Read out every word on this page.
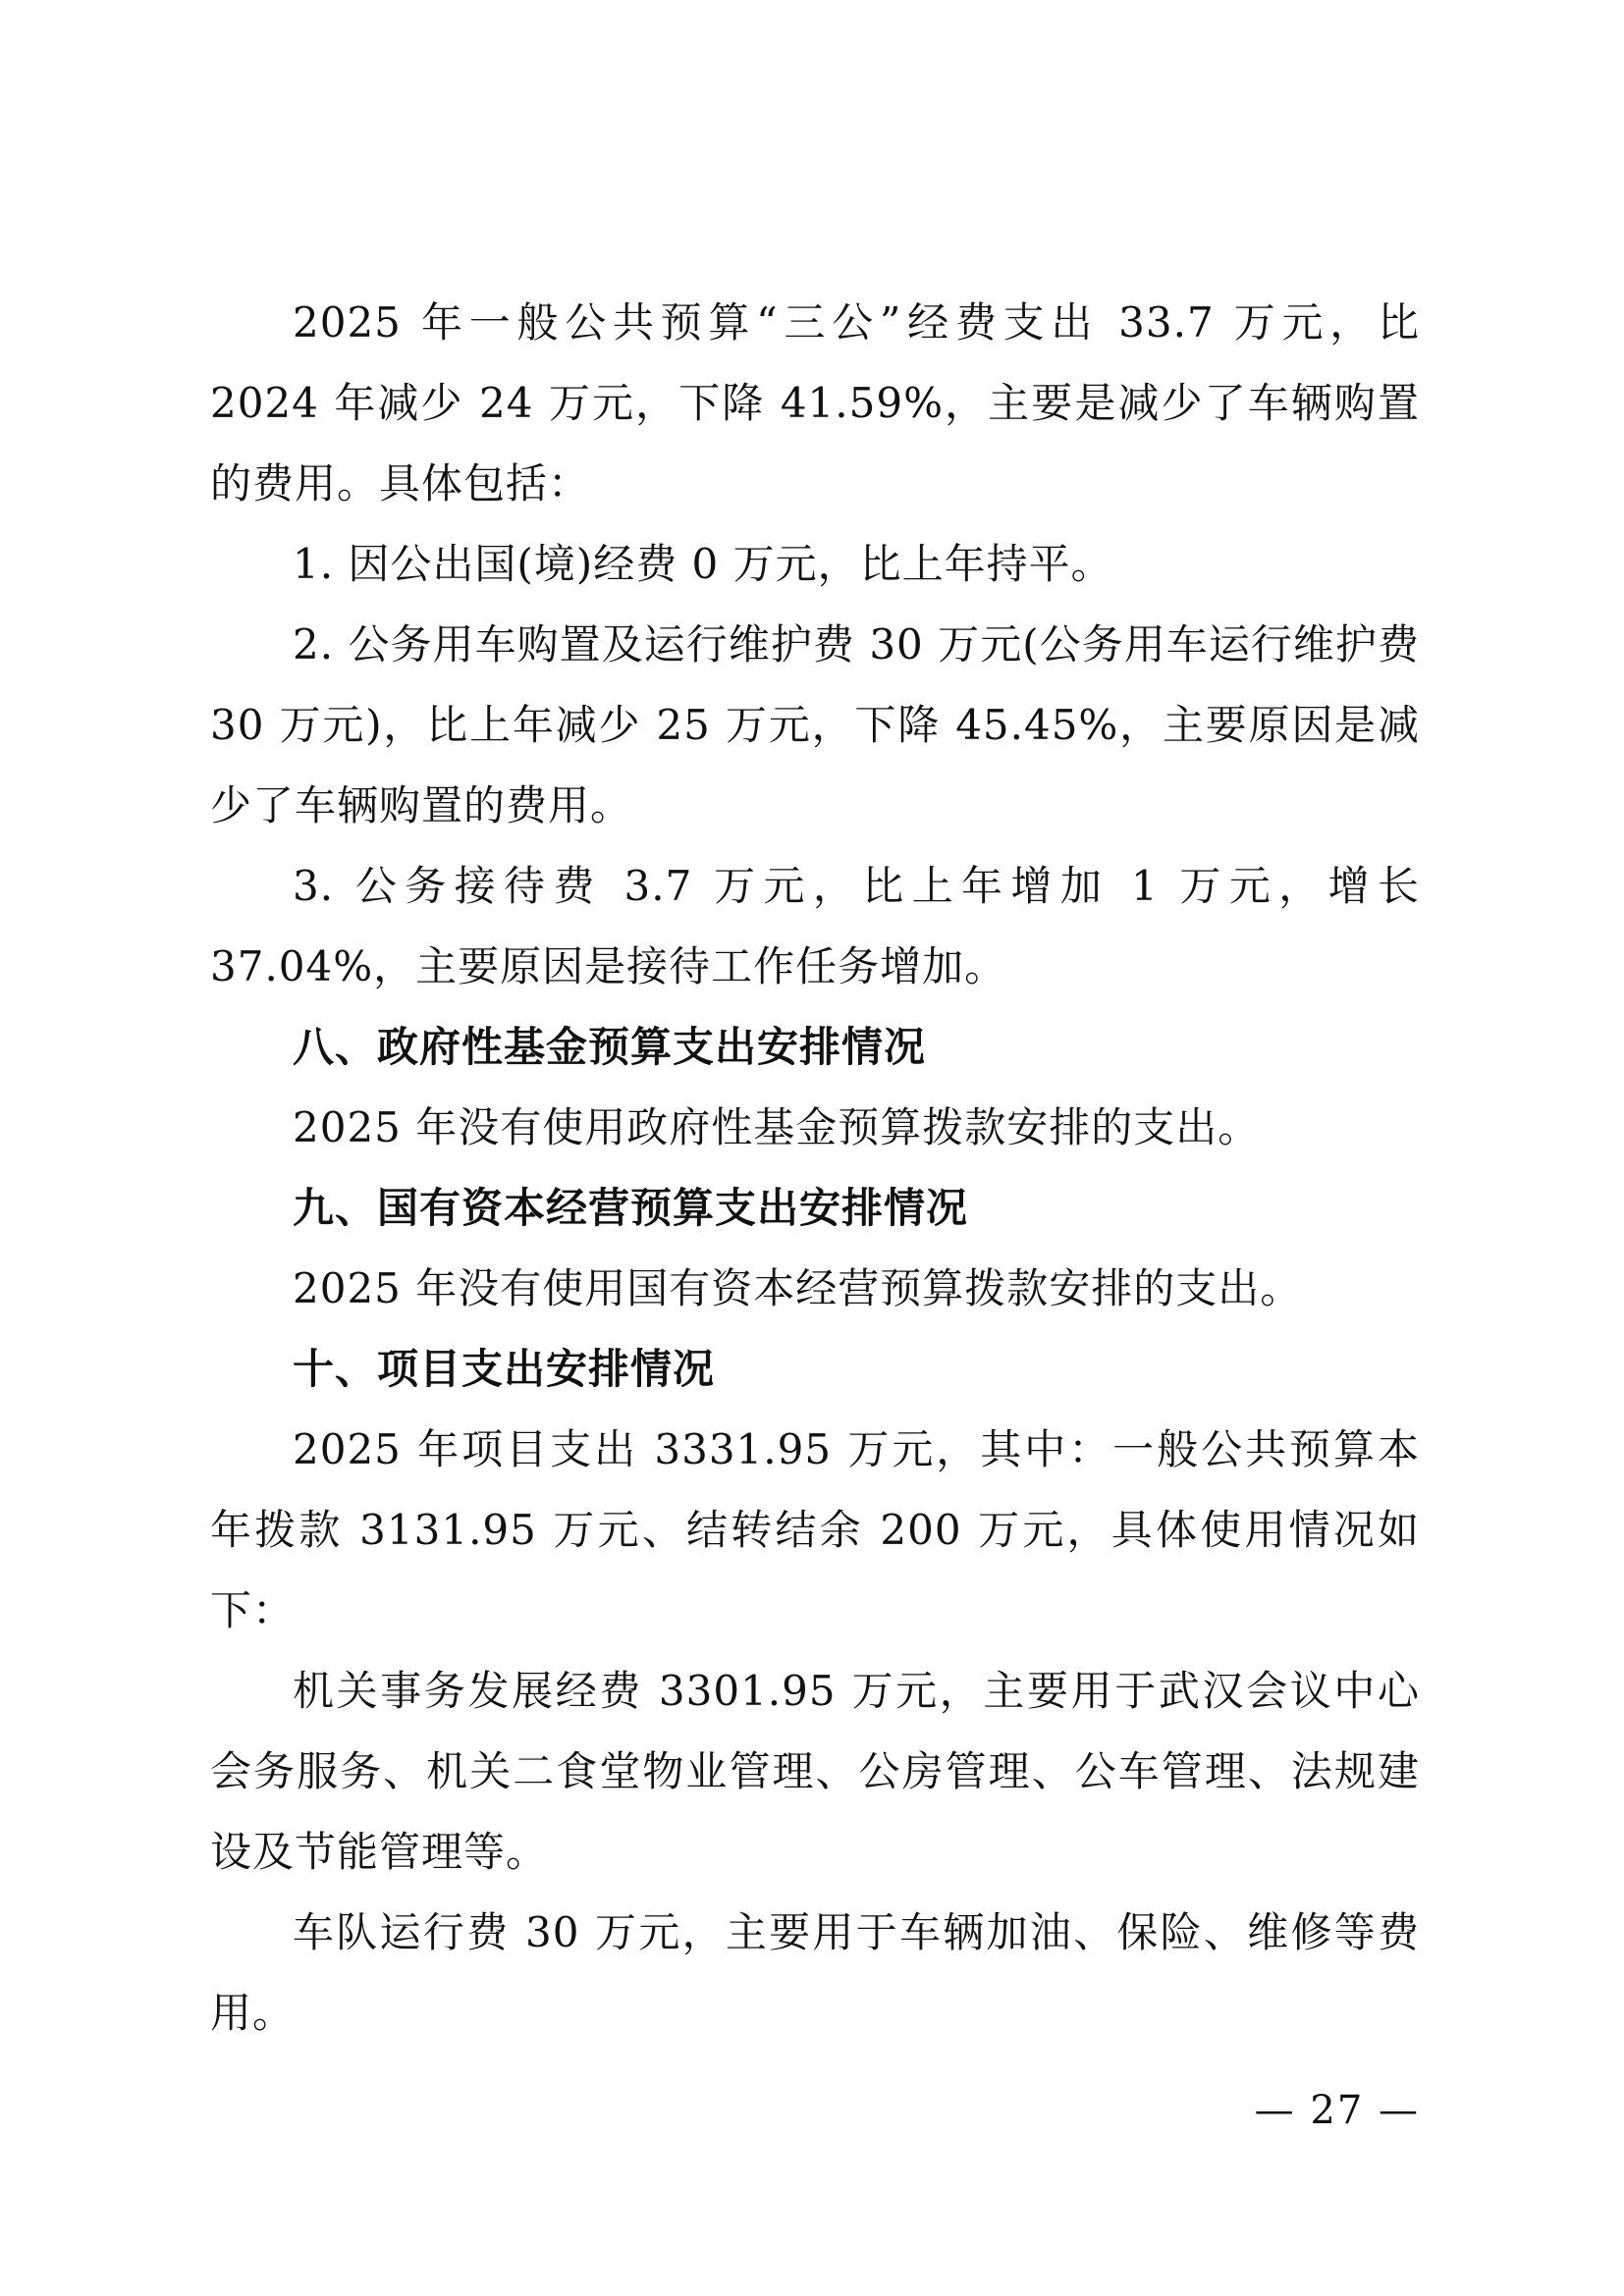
2025 年一般公共预算“三公”经费支出 33.7 万元，比 2024 年减少 24 万元，下降 41.59%，主要是减少了车辆购置的费用。具体包括：

1. 因公出国(境)经费 0 万元，比上年持平。

2. 公务用车购置及运行维护费 30 万元(公务用车运行维护费 30 万元)，比上年减少 25 万元，下降 45.45%，主要原因是减少了车辆购置的费用。

3. 公务接待费 3.7 万元，比上年增加 1 万元，增长 37.04%，主要原因是接待工作任务增加。

八、政府性基金预算支出安排情况

2025 年没有使用政府性基金预算拨款安排的支出。

九、国有资本经营预算支出安排情况

2025 年没有使用国有资本经营预算拨款安排的支出。

十、项目支出安排情况

2025 年项目支出 3331.95 万元，其中：一般公共预算本年拨款 3131.95 万元、结转结余 200 万元，具体使用情况如下：

机关事务发展经费 3301.95 万元，主要用于武汉会议中心会务服务、机关二食堂物业管理、公房管理、公车管理、法规建设及节能管理等。

车队运行费 30 万元，主要用于车辆加油、保险、维修等费用。

— 27 —
